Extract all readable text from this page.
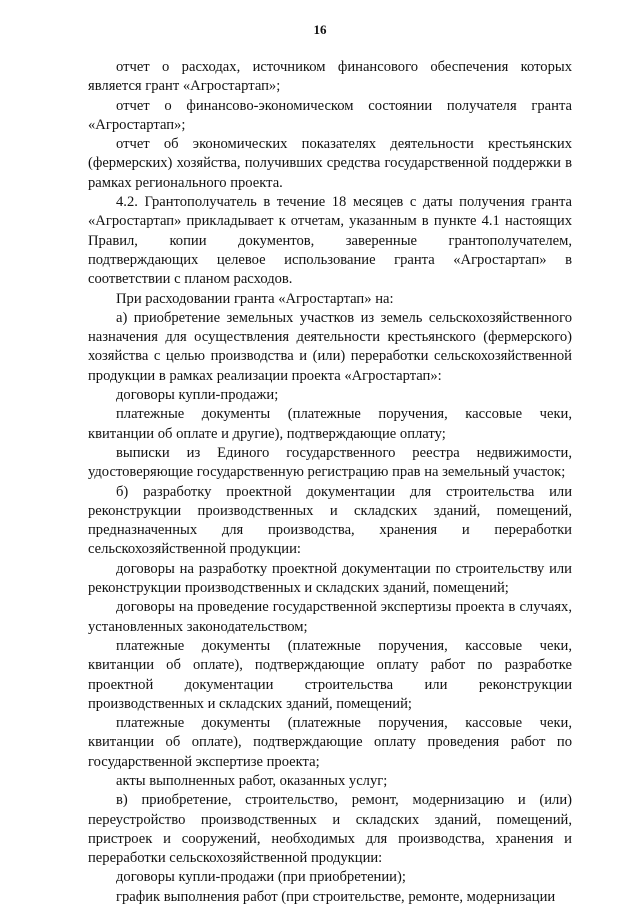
16

отчет о расходах, источником финансового обеспечения которых является грант «Агростартап»;

отчет о финансово-экономическом состоянии получателя гранта «Агростартап»;

отчет об экономических показателях деятельности крестьянских (фермерских) хозяйства, получивших средства государственной поддержки в рамках регионального проекта.

4.2. Грантополучатель в течение 18 месяцев с даты получения гранта «Агростартап» прикладывает к отчетам, указанным в пункте 4.1 настоящих Правил, копии документов, заверенные грантополучателем, подтверждающих целевое использование гранта «Агростартап» в соответствии с планом расходов.

При расходовании гранта «Агростартап» на:

а) приобретение земельных участков из земель сельскохозяйственного назначения для осуществления деятельности крестьянского (фермерского) хозяйства с целью производства и (или) переработки сельскохозяйственной продукции в рамках реализации проекта «Агростартап»:

договоры купли-продажи;

платежные документы (платежные поручения, кассовые чеки, квитанции об оплате и другие), подтверждающие оплату;

выписки из Единого государственного реестра недвижимости, удостоверяющие государственную регистрацию прав на земельный участок;

б) разработку проектной документации для строительства или реконструкции производственных и складских зданий, помещений, предназначенных для производства, хранения и переработки сельскохозяйственной продукции:

договоры на разработку проектной документации по строительству или реконструкции производственных и складских зданий, помещений;

договоры на проведение государственной экспертизы проекта в случаях, установленных законодательством;

платежные документы (платежные поручения, кассовые чеки, квитанции об оплате), подтверждающие оплату работ по разработке проектной документации строительства или реконструкции производственных и складских зданий, помещений;

платежные документы (платежные поручения, кассовые чеки, квитанции об оплате), подтверждающие оплату проведения работ по государственной экспертизе проекта;

акты выполненных работ, оказанных услуг;

в) приобретение, строительство, ремонт, модернизацию и (или) переустройство производственных и складских зданий, помещений, пристроек и сооружений, необходимых для производства, хранения и переработки сельскохозяйственной продукции:

договоры купли-продажи (при приобретении);

график выполнения работ (при строительстве, ремонте, модернизации
